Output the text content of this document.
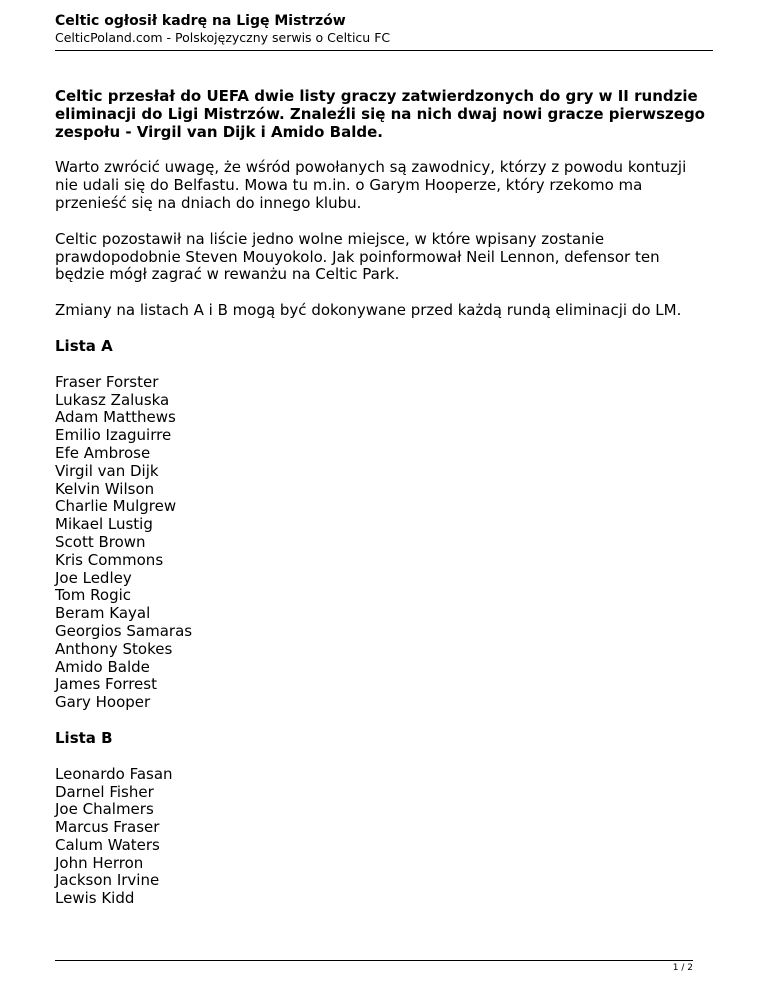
Celtic ogłosił kadrę na Ligę Mistrzów

CelticPoland.com - Polskojęzyczny serwis o Celticu FC

Celtic przesłał do UEFA dwie listy graczy zatwierdzonych do gry w II rundzie eliminacji do Ligi Mistrzów. Znaleźli się na nich dwaj nowi gracze pierwszego zespołu - Virgil van Dijk i Amido Balde.

Warto zwrócić uwagę, że wśród powołanych są zawodnicy, którzy z powodu kontuzji nie udali się do Belfastu. Mowa tu m.in. o Garym Hooperze, który rzekomo ma przenieść się na dniach do innego klubu.

Celtic pozostawił na liście jedno wolne miejsce, w które wpisany zostanie prawdopodobnie Steven Mouyokolo. Jak poinformował Neil Lennon, defensor ten będzie mógł zagrać w rewanżu na Celtic Park.

Zmiany na listach A i B mogą być dokonywane przed każdą rundą eliminacji do LM.

Lista A

Fraser Forster
Lukasz Zaluska
Adam Matthews
Emilio Izaguirre
Efe Ambrose
Virgil van Dijk
Kelvin Wilson
Charlie Mulgrew
Mikael Lustig
Scott Brown
Kris Commons
Joe Ledley
Tom Rogic
Beram Kayal
Georgios Samaras
Anthony Stokes
Amido Balde
James Forrest
Gary Hooper

Lista B

Leonardo Fasan
Darnel Fisher
Joe Chalmers
Marcus Fraser
Calum Waters
John Herron
Jackson Irvine
Lewis Kidd
1 / 2
